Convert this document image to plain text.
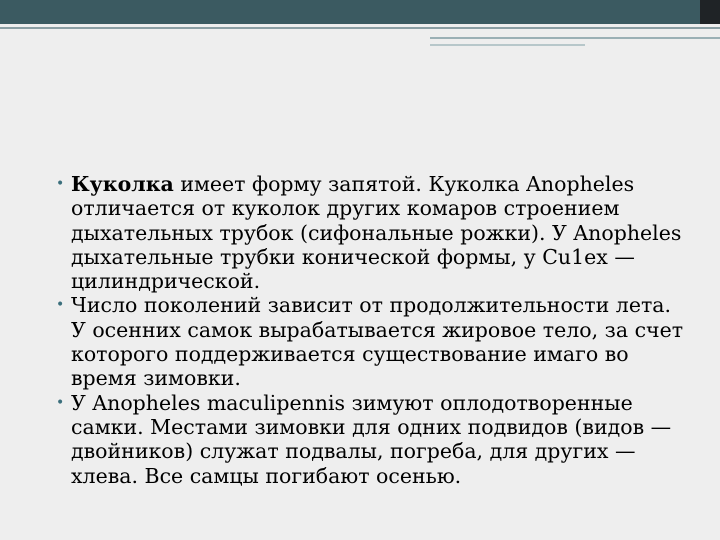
• Куколка имеет форму запятой. Куколка Anopheles отличается от куколок других комаров строением дыхательных трубок (сифональные рожки). У Anopheles дыхательные трубки конической формы, у Cu1ex — цилиндрической.
• Число поколений зависит от продолжительности лета. У осенних самок вырабатывается жировое тело, за счет которого поддерживается существование имаго во время зимовки.
• У Anopheles maculipennis зимуют оплодотворенные самки. Местами зимовки для одних подвидов (видов —двойников) служат подвалы, погреба, для других — хлева. Все самцы погибают осенью.
